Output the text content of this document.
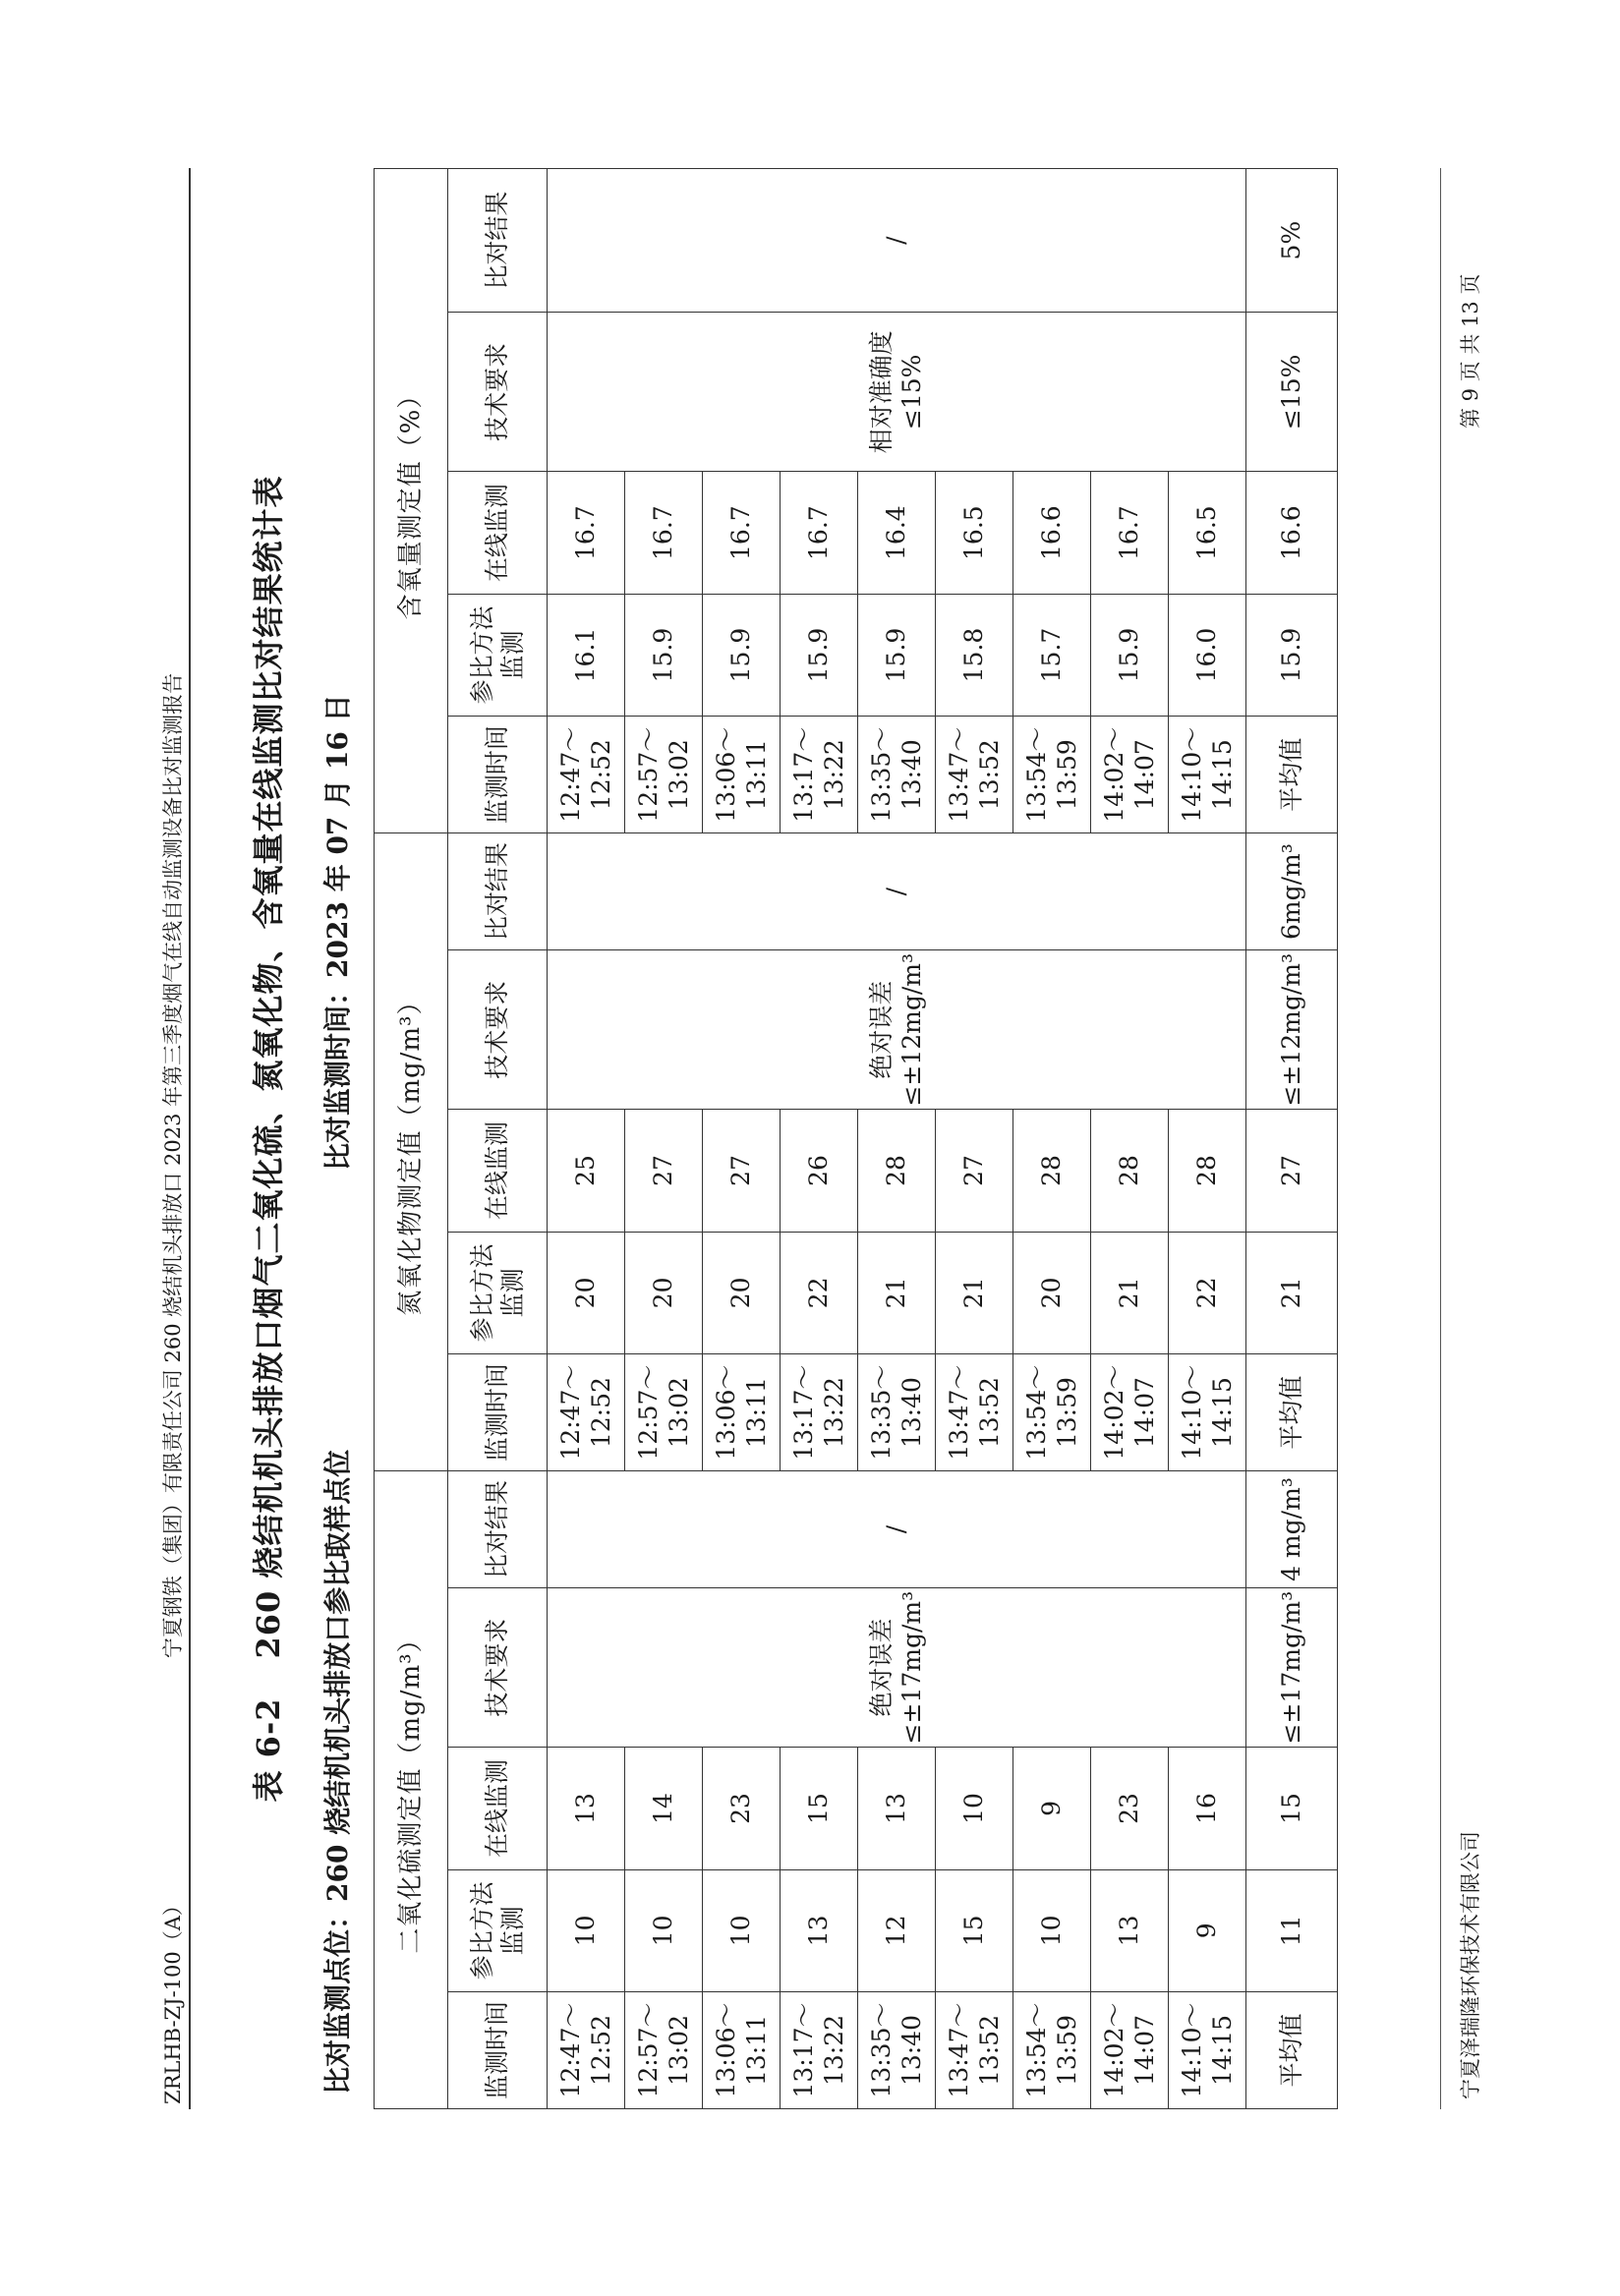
ZRLHB-ZJ-100（A）
宁夏钢铁（集团）有限责任公司 260 烧结机头排放口 2023 年第三季度烟气在线自动监测设备比对监测报告
表 6-2260 烧结机机头排放口烟气二氧化硫、氮氧化物、含氧量在线监测比对结果统计表
比对监测点位：260 烧结机机头排放口参比取样点位
比对监测时间：2023 年 07 月 16 日
二氧化硫测定值（mg/m³）					氮氧化物测定值（mg/m³）					含氧量测定值（%）				
监测时间	参比方法监测	在线监测	技术要求	比对结果	监测时间	参比方法监测	在线监测	技术要求	比对结果	监测时间	参比方法监测	在线监测	技术要求	比对结果
12:47～12:52	10	13	绝对误差≤±17mg/m³	/	12:47～12:52	20	25	绝对误差≤±12mg/m³	/	12:47～12:52	16.1	16.7	相对准确度≤15%	/
12:57～13:02	10	14			12:57～13:02	20	27			12:57～13:02	15.9	16.7		
13:06～13:11	10	23			13:06～13:11	20	27			13:06～13:11	15.9	16.7		
13:17～13:22	13	15			13:17～13:22	22	26			13:17～13:22	15.9	16.7		
13:35～13:40	12	13			13:35～13:40	21	28			13:35～13:40	15.9	16.4		
13:47～13:52	15	10			13:47～13:52	21	27			13:47～13:52	15.8	16.5		
13:54～13:59	10	9			13:54～13:59	20	28			13:54～13:59	15.7	16.6		
14:02～14:07	13	23			14:02～14:07	21	28			14:02～14:07	15.9	16.7		
14:10～14:15	9	16			14:10～14:15	22	28			14:10～14:15	16.0	16.5		
平均值	11	15	≤±17mg/m³	4 mg/m³	平均值	21	27	≤±12mg/m³	6mg/m³	平均值	15.9	16.6	≤15%	5%
宁夏泽瑞隆环保技术有限公司
第 9 页 共 13 页
